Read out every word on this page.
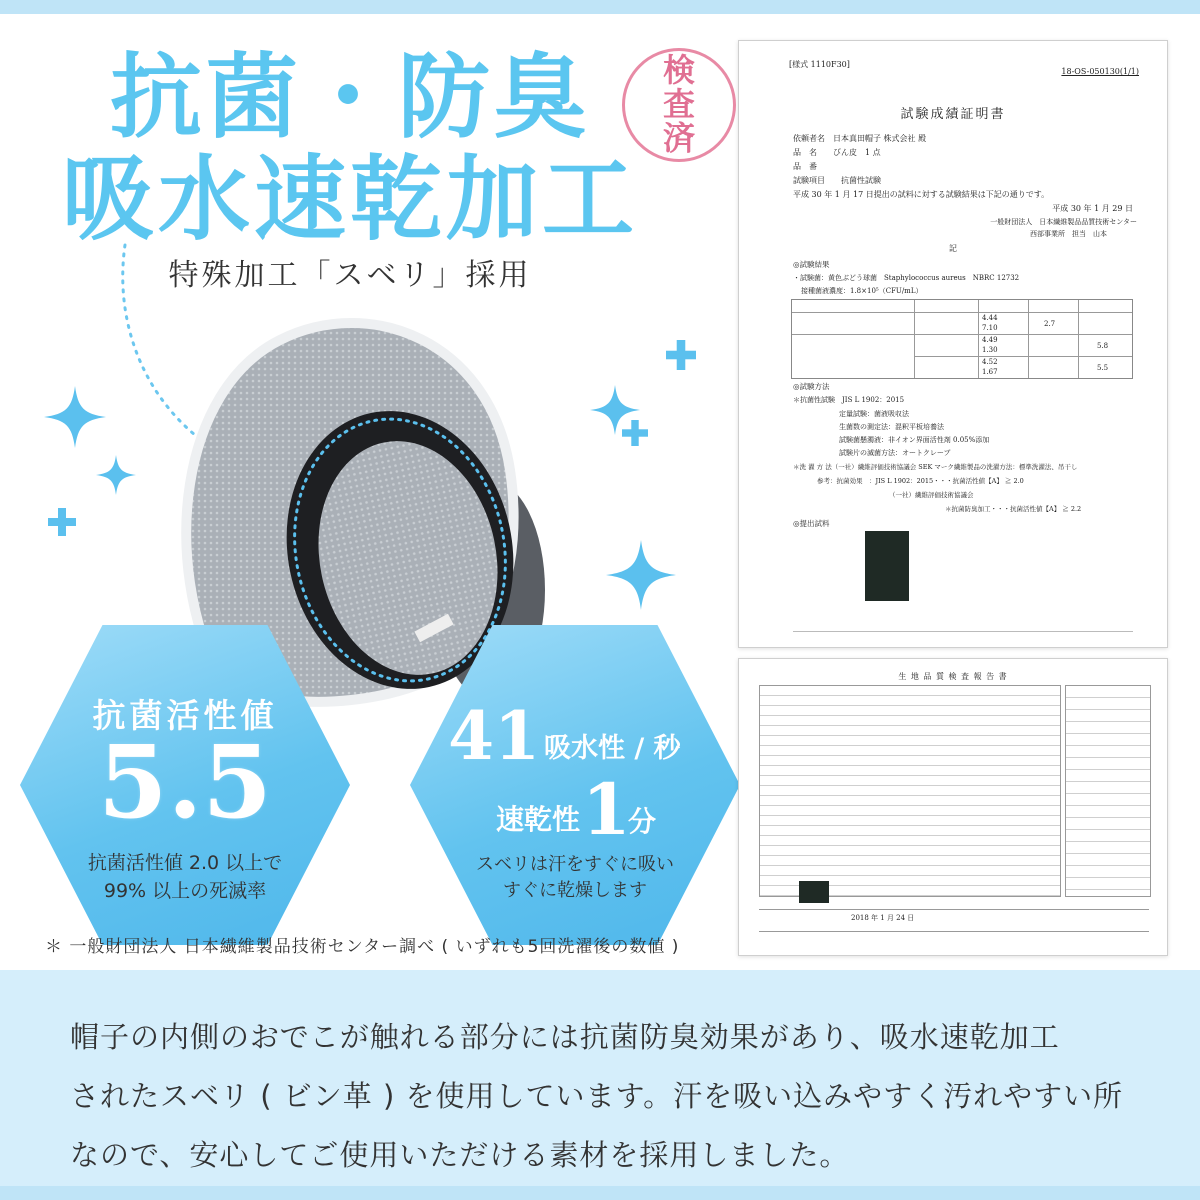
抗菌・防臭
吸水速乾加工
特殊加工「スベリ」採用
抗菌活性値
5.5
抗菌活性値 2.0 以上で
99% 以上の死滅率
41 吸水性 / 秒
速乾性 1
分
スベリは汗をすぐに吸い
すぐに乾燥します
＊ 一般財団法人 日本繊維製品技術センター調べ ( いずれも5回洗濯後の数値 )
[様式 1110F30]
18-OS-050130(1/1)
試験成績証明書
依頼者名　日本真田帽子 株式会社 殿
品　名　　びん皮　1 点
品　番
試験項目　　抗菌性試験
平成 30 年 1 月 17 日提出の試料に対する試験結果は下記の通りです。
平成 30 年 1 月 29 日
一般財団法人　日本繊維製品品質技術センター
西部事業所　担当　山本
記
◎試験結果
・試験菌：黄色ぶどう球菌　Staphylococcus aureus　NBRC 12732
接種菌液濃度：1.8×10⁵（CFU/mL）
4.44
7.10
4.49
1.30
4.52
1.67
2.7
5.8
5.5
◎試験方法
＊抗菌性試験　JIS L 1902：2015
定量試験：菌液吸収法
生菌数の測定法：混釈平板培養法
試験菌懸濁液：非イオン界面活性剤 0.05%添加
試験片の滅菌方法：オートクレーブ
＊洗 濯 方 法（一社）繊維評価技術協議会 SEK マーク繊維製品の洗濯方法：標準洗濯法、吊干し
参考：抗菌効果　：JIS L 1902：2015・・・抗菌活性値【A】 ≧ 2.0
（一社）繊維評価技術協議会
＊抗菌防臭加工・・・抗菌活性値【A】 ≧ 2.2
◎提出試料
検
査
済
生 地 品 質 検 査 報 告 書
2018 年 1 月 24 日
帽子の内側のおでこが触れる部分には抗菌防臭効果があり、吸水速乾加工
されたスベリ ( ビン革 ) を使用しています。汗を吸い込みやすく汚れやすい所
なので、安心してご使用いただける素材を採用しました。
